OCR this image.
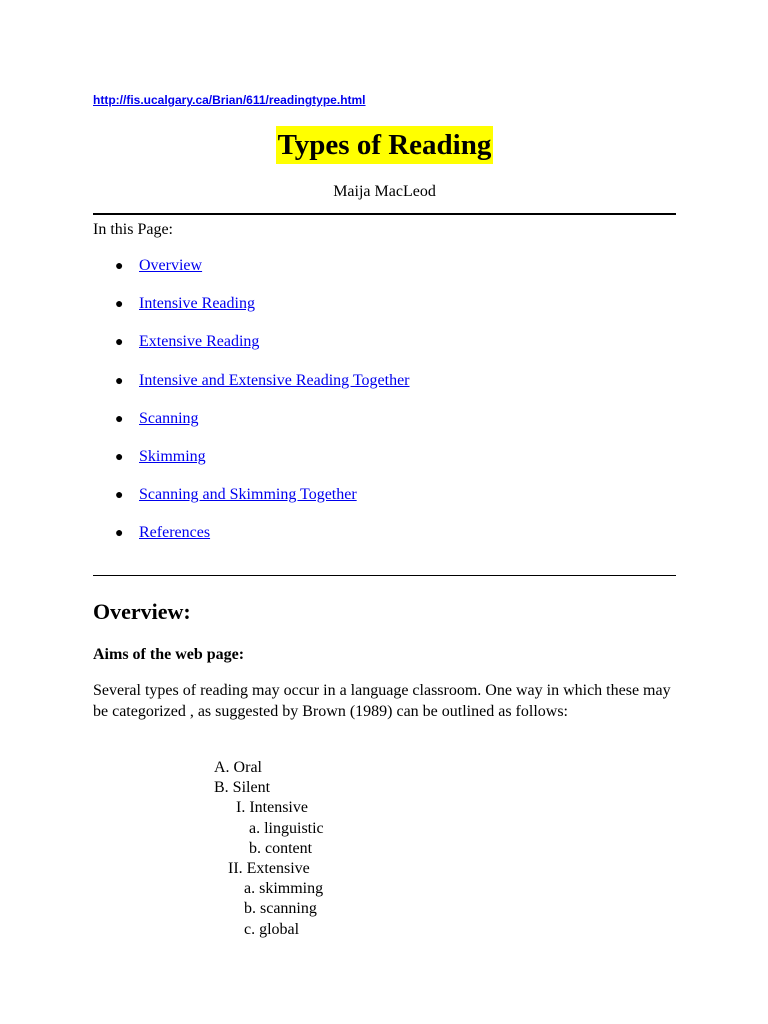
http://fis.ucalgary.ca/Brian/611/readingtype.html
Types of Reading
Maija MacLeod
In this Page:
● Overview
● Intensive Reading
● Extensive Reading
● Intensive and Extensive Reading Together
● Scanning
● Skimming
● Scanning and Skimming Together
● References
Overview:
Aims of the web page:

Several types of reading may occur in a language classroom. One way in which these may be categorized , as suggested by Brown (1989) can be outlined as follows:

A. Oral
B. Silent
I. Intensive
a. linguistic
b. content
II. Extensive
a. skimming
b. scanning
c. global
